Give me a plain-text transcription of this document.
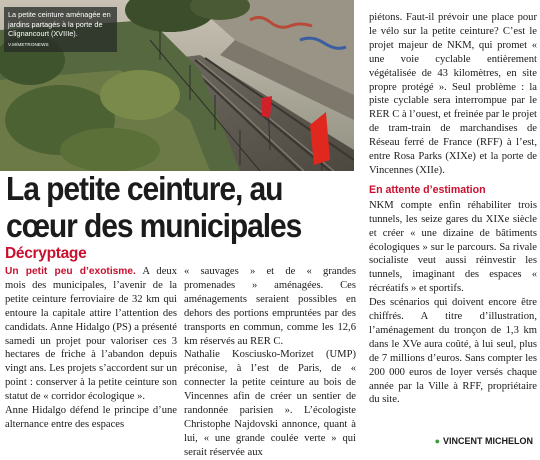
La petite ceinture aménagée en jardins partagés à la porte de Clignancourt (XVIIIe). V.M/METRONEWS
La petite ceinture, au
cœur des municipales
Décryptage

Un petit peu d’exotisme. A deux mois des municipales, l’avenir de la petite ceinture ferroviaire de 32 km qui entoure la capitale attire l’attention des candidats. Anne Hidalgo (PS) a présenté samedi un projet pour valoriser ces 3 hectares de friche à l’abandon depuis vingt ans. Les projets s’accordent sur un point : conserver à la petite ceinture son statut de « corridor écologique ».

Anne Hidalgo défend le principe d’une alternance entre des espaces

« sauvages » et de « grandes promenades » aménagées. Ces aménagements seraient possibles en dehors des portions empruntées par des transports en commun, comme les 12,6 km réservés au RER C.

Nathalie Kosciusko-Morizet (UMP) préconise, à l’est de Paris, de « connecter la petite ceinture au bois de Vincennes afin de créer un sentier de randonnée parisien ». L’écologiste Christophe Najdovski annonce, quant à lui, « une grande coulée verte » qui serait réservée aux

piétons. Faut-il prévoir une place pour le vélo sur la petite ceinture? C’est le projet majeur de NKM, qui promet « une voie cyclable entièrement végétalisée de 43 kilomètres, en site propre protégé ». Seul problème : la piste cyclable sera interrompue par le RER C à l’ouest, et freinée par le projet de tram-train de marchandises de Réseau ferré de France (RFF) à l’est, entre Rosa Parks (XIXe) et la porte de Vincennes (XIIe).

En attente d’estimation

NKM compte enfin réhabiliter trois tunnels, les seize gares du XIXe siècle et créer « une dizaine de bâtiments écologiques » sur le parcours. Sa rivale socialiste veut aussi réinvestir les tunnels, imaginant des espaces « récréatifs » et sportifs.

Des scénarios qui doivent encore être chiffrés. A titre d’illustration, l’aménagement du tronçon de 1,3 km dans le XVe aura coûté, à lui seul, plus de 7 millions d’euros. Sans compter les 200 000 euros de loyer versés chaque année par la Ville à RFF, propriétaire du site.

● VINCENT MICHELON
